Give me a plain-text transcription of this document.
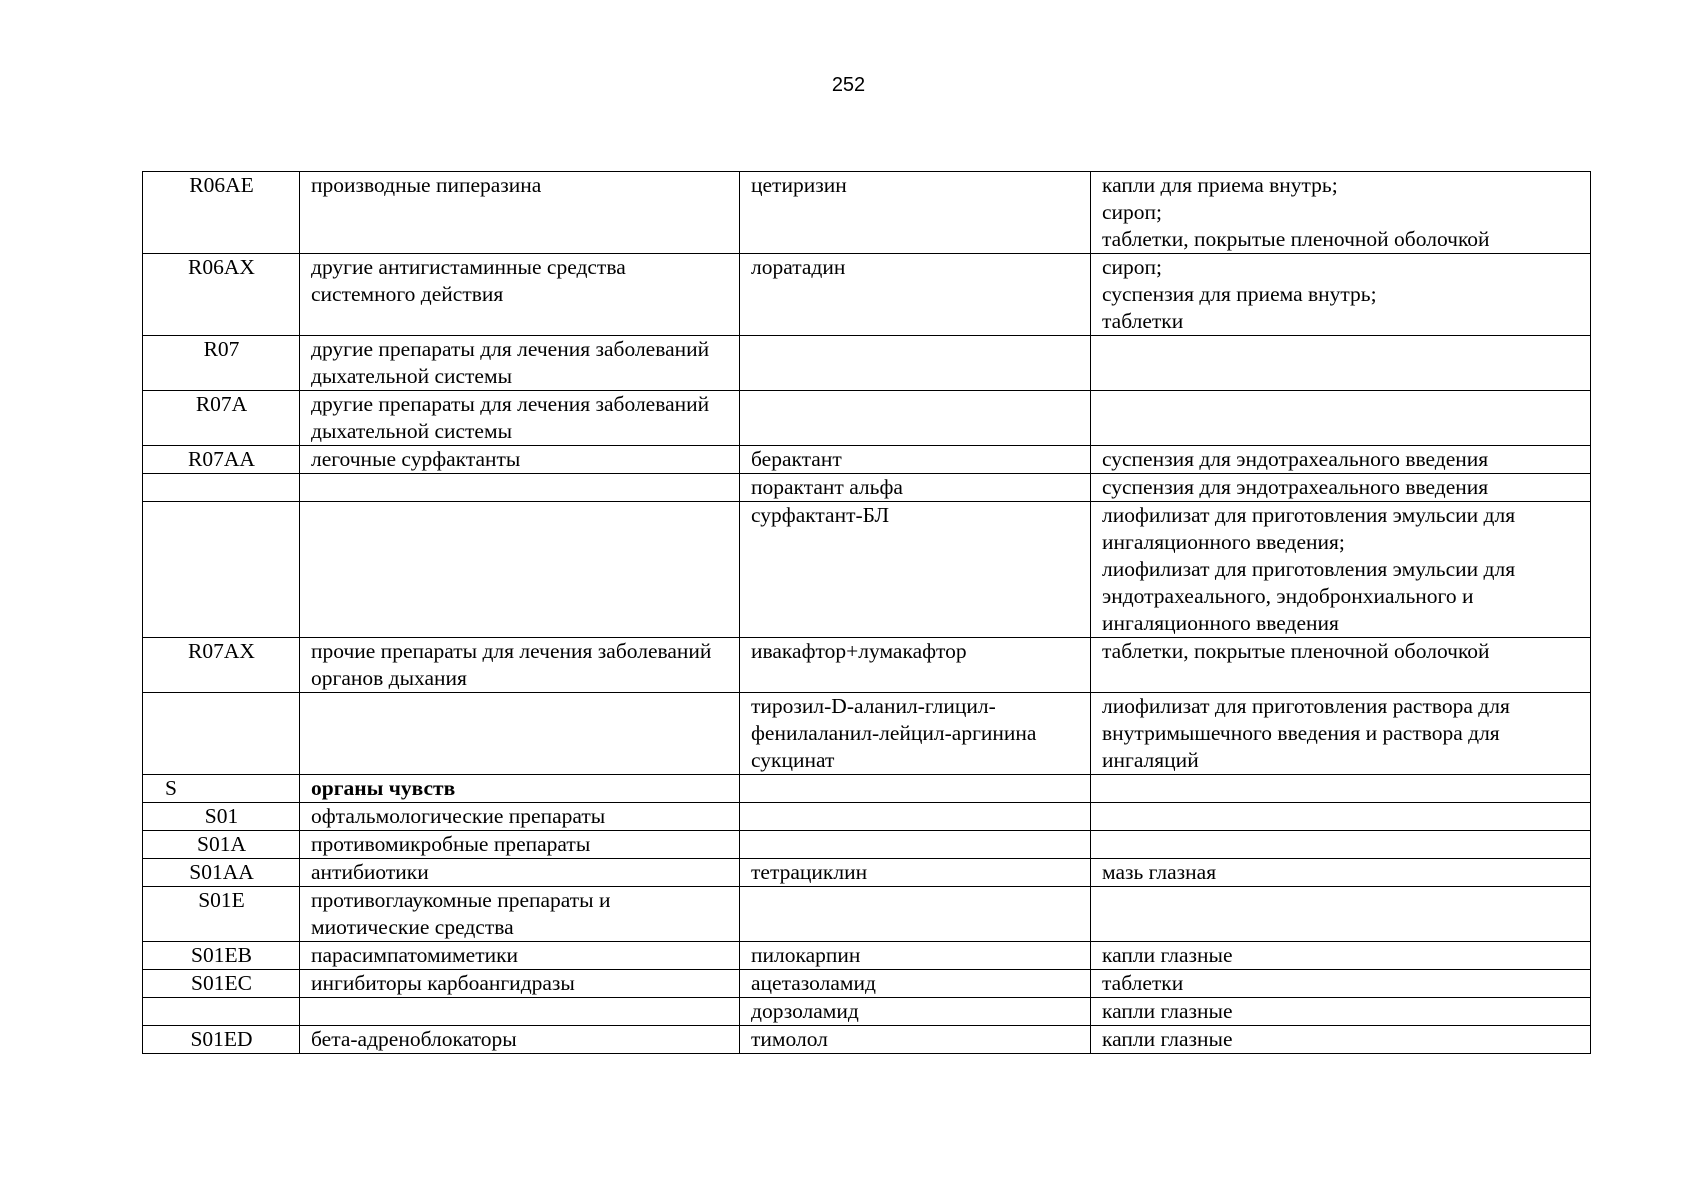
252
R06AE	производные пиперазина	цетиризин	капли для приема внутрь;
сироп;
таблетки, покрытые пленочной оболочкой
R06AX	другие антигистаминные средства системного действия	лоратадин	сироп;
суспензия для приема внутрь;
таблетки
R07	другие препараты для лечения заболеваний дыхательной системы		
R07A	другие препараты для лечения заболеваний дыхательной системы		
R07AA	легочные сурфактанты	берактант	суспензия для эндотрахеального введения
		порактант альфа	суспензия для эндотрахеального введения
		сурфактант-БЛ	лиофилизат для приготовления эмульсии для ингаляционного введения;
лиофилизат для приготовления эмульсии для эндотрахеального, эндобронхиального и ингаляционного введения
R07AX	прочие препараты для лечения заболеваний органов дыхания	ивакафтор+лумакафтор	таблетки, покрытые пленочной оболочкой
		тирозил-D-аланил-глицил-фенилаланил-лейцил-аргинина сукцинат	лиофилизат для приготовления раствора для внутримышечного введения и раствора для ингаляций
S	органы чувств		
S01	офтальмологические препараты		
S01A	противомикробные препараты		
S01AA	антибиотики	тетрациклин	мазь глазная
S01E	противоглаукомные препараты и миотические средства		
S01EB	парасимпатомиметики	пилокарпин	капли глазные
S01EC	ингибиторы карбоангидразы	ацетазоламид	таблетки
		дорзоламид	капли глазные
S01ED	бета-адреноблокаторы	тимолол	капли глазные
